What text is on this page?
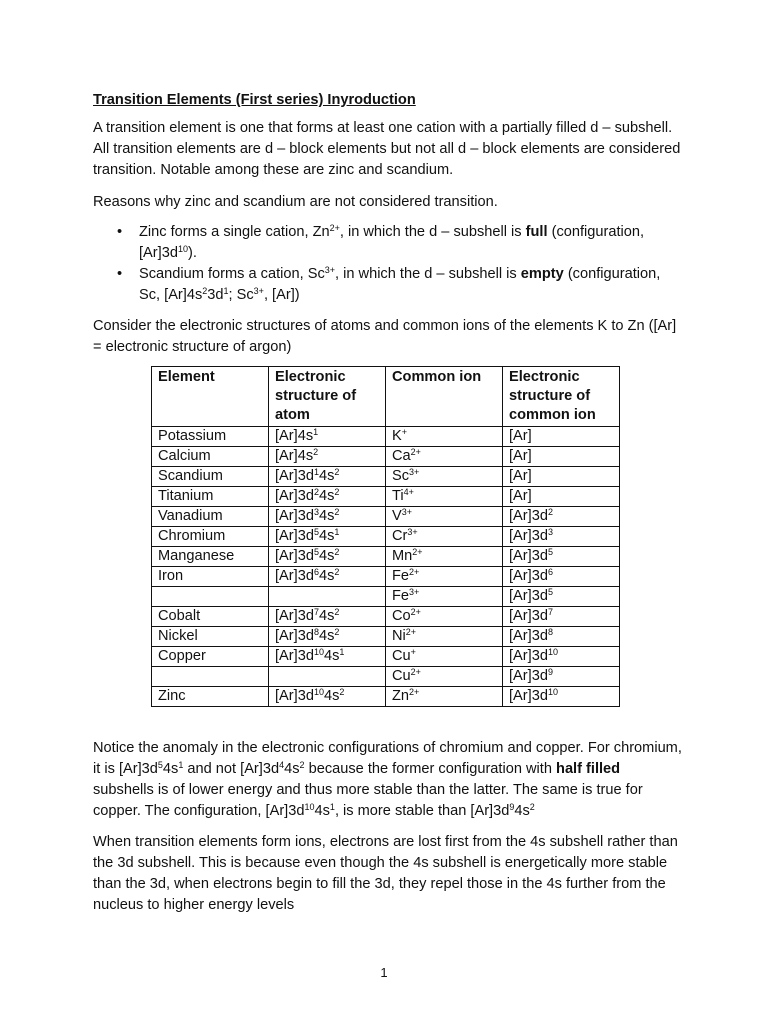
Transition Elements (First series) Inyroduction

A transition element is one that forms at least one cation with a partially filled d – subshell. All transition elements are d – block elements but not all d – block elements are considered transition. Notable among these are zinc and scandium.

Reasons why zinc and scandium are not considered transition.

• Zinc forms a single cation, $Zn^{2+}$, in which the d – subshell is full (configuration, $[Ar]3d^{10}$).
• Scandium forms a cation, $Sc^{3+}$, in which the d – subshell is empty (configuration, Sc, $[Ar]4s^23d^1$; $Sc^{3+}$, [Ar])

Consider the electronic structures of atoms and common ions of the elements K to Zn ([Ar] = electronic structure of argon)

Element	Electronic structure of atom	Common ion	Electronic structure of common ion
Potassium	$[Ar]4s^1$	K+	[Ar]
Calcium	$[Ar]4s^2$	$Ca^{2+}$	[Ar]
Scandium	$[Ar]3d^14s^2$	$Sc^{3+}$	[Ar]
Titanium	$[Ar]3d^24s^2$	$Ti^{4+}$	[Ar]
Vanadium	$[Ar]3d^34s^2$	$V^{3+}$	$[Ar]3d^2$
Chromium	$[Ar]3d^54s^1$	$Cr^{3+}$	$[Ar]3d^3$
Manganese	$[Ar]3d^54s^2$	$Mn^{2+}$	$[Ar]3d^5$
Iron	$[Ar]3d^64s^2$	$Fe^{2+}$	$[Ar]3d^6$
		$Fe^{3+}$	$[Ar]3d^5$
Cobalt	$[Ar]3d^74s^2$	$Co^{2+}$	$[Ar]3d^7$
Nickel	$[Ar]3d^84s^2$	$Ni^{2+}$	$[Ar]3d^8$
Copper	$[Ar]3d^{10}4s^1$	Cu+	$[Ar]3d^{10}$
		$Cu^{2+}$	$[Ar]3d^9$
Zinc	$[Ar]3d^{10}4s^2$	$Zn^{2+}$	$[Ar]3d^{10}$

Notice the anomaly in the electronic configurations of chromium and copper. For chromium, it is $[Ar]3d^54s^1$ and not $[Ar]3d^44s^2$ because the former configuration with half filled subshells is of lower energy and thus more stable than the latter. The same is true for copper. The configuration, $[Ar]3d^{10}4s^1$, is more stable than $[Ar]3d^94s^2$

When transition elements form ions, electrons are lost first from the 4s subshell rather than the 3d subshell. This is because even though the 4s subshell is energetically more stable than the 3d, when electrons begin to fill the 3d, they repel those in the 4s further from the nucleus to higher energy levels

1
